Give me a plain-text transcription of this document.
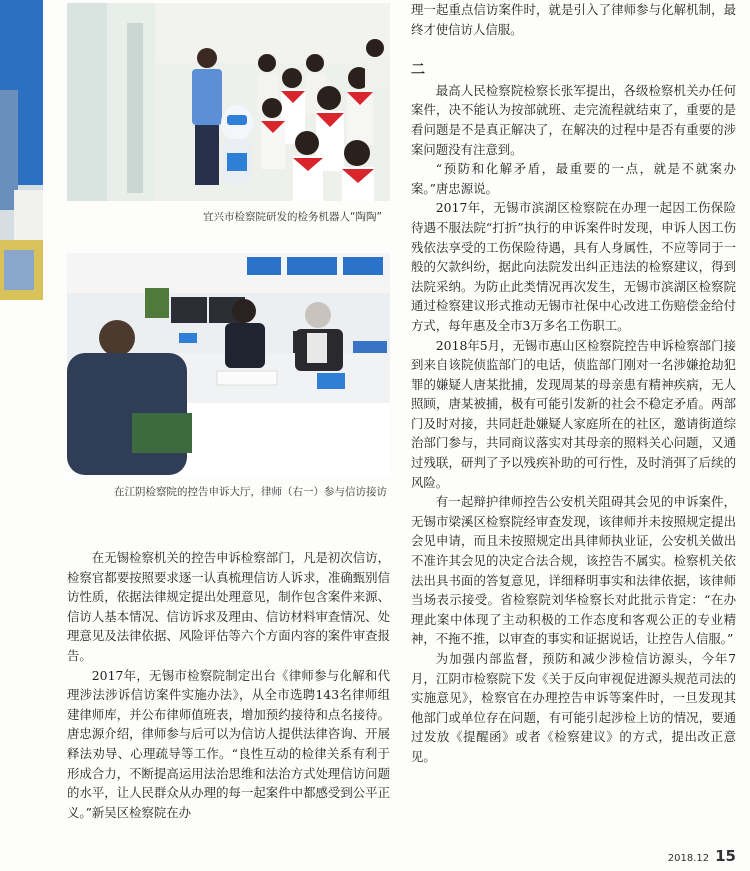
宜兴市检察院研发的检务机器人“陶陶”
在江阴检察院的控告申诉大厅，律师（右一）参与信访接访

在无锡检察机关的控告申诉检察部门，凡是初次信访，检察官都要按照要求逐一认真梳理信访人诉求，准确甄别信访性质，依据法律规定提出处理意见，制作包含案件来源、信访人基本情况、信访诉求及理由、信访材料审查情况、处理意见及法律依据、风险评估等六个方面内容的案件审查报告。

2017年，无锡市检察院制定出台《律师参与化解和代理涉法涉诉信访案件实施办法》，从全市选聘143名律师组建律师库，并公布律师值班表，增加预约接待和点名接待。唐忠源介绍，律师参与后可以为信访人提供法律咨询、开展释法劝导、心理疏导等工作。“良性互动的检律关系有利于形成合力，不断提高运用法治思维和法治方式处理信访问题的水平，让人民群众从办理的每一起案件中都感受到公平正义。”新吴区检察院在办

理一起重点信访案件时，就是引入了律师参与化解机制，最终才使信访人信服。

二

最高人民检察院检察长张军提出，各级检察机关办任何案件，决不能认为按部就班、走完流程就结束了，重要的是看问题是不是真正解决了，在解决的过程中是否有重要的涉案问题没有注意到。

“预防和化解矛盾，最重要的一点，就是不就案办案。”唐忠源说。

2017年，无锡市滨湖区检察院在办理一起因工伤保险待遇不服法院“打折”执行的申诉案件时发现，申诉人因工伤残依法享受的工伤保险待遇，具有人身属性，不应等同于一般的欠款纠纷，据此向法院发出纠正违法的检察建议，得到法院采纳。为防止此类情况再次发生，无锡市滨湖区检察院通过检察建议形式推动无锡市社保中心改进工伤赔偿金给付方式，每年惠及全市3万多名工伤职工。

2018年5月，无锡市惠山区检察院控告申诉检察部门接到来自该院侦监部门的电话，侦监部门刚对一名涉嫌抢劫犯罪的嫌疑人唐某批捕，发现周某的母亲患有精神疾病，无人照顾，唐某被捕，极有可能引发新的社会不稳定矛盾。两部门及时对接，共同赶赴嫌疑人家庭所在的社区，邀请街道综治部门参与，共同商议落实对其母亲的照料关心问题，又通过残联，研判了予以残疾补助的可行性，及时消弭了后续的风险。

有一起辩护律师控告公安机关阻碍其会见的申诉案件，无锡市梁溪区检察院经审查发现，该律师并未按照规定提出会见申请，而且未按照规定出具律师执业证，公安机关做出不准许其会见的决定合法合规，该控告不属实。检察机关依法出具书面的答复意见，详细释明事实和法律依据，该律师当场表示接受。省检察院刘华检察长对此批示肯定：“在办理此案中体现了主动积极的工作态度和客观公正的专业精神，不拖不推，以审查的事实和证据说话，让控告人信服。”

为加强内部监督，预防和减少涉检信访源头，今年7月，江阴市检察院下发《关于反向审视促进源头规范司法的实施意见》，检察官在办理控告申诉等案件时，一旦发现其他部门或单位存在问题，有可能引起涉检上访的情况，要通过发放《提醒函》或者《检察建议》的方式，提出改正意见。

2018.12 15
